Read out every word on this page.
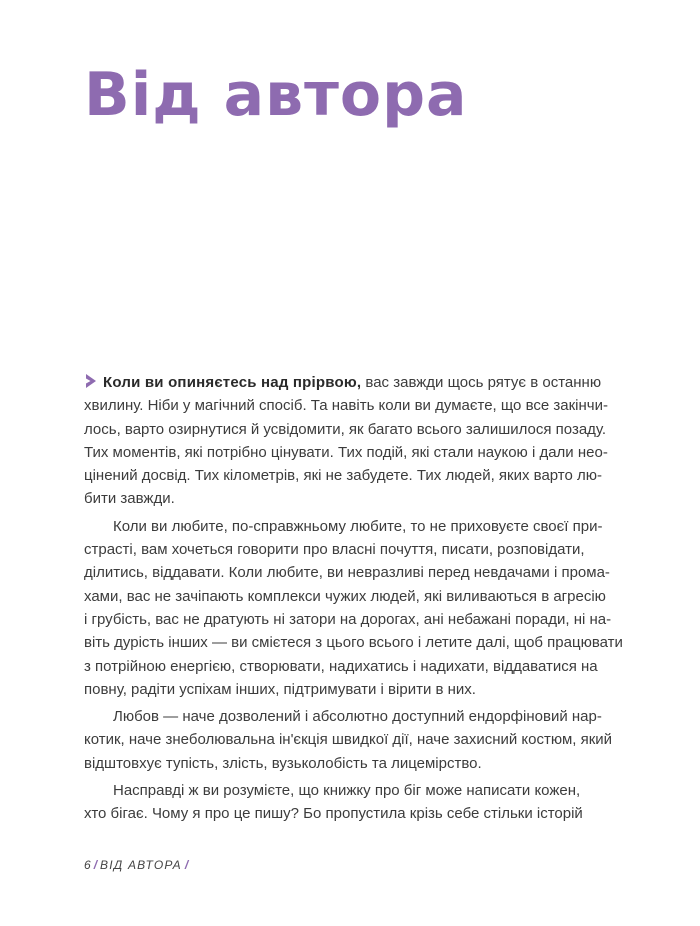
Від автора
Коли ви опиняєтесь над прірвою, вас завжди щось рятує в останню
хвилину. Ніби у магічний спосіб. Та навіть коли ви думаєте, що все закінчи-
лось, варто озирнутися й усвідомити, як багато всього залишилося позаду.
Тих моментів, які потрібно цінувати. Тих подій, які стали наукою і дали нео-
цінений досвід. Тих кілометрів, які не забудете. Тих людей, яких варто лю-
бити завжди.
Коли ви любите, по-справжньому любите, то не приховуєте своєї при-
страсті, вам хочеться говорити про власні почуття, писати, розповідати,
ділитись, віддавати. Коли любите, ви невразливі перед невдачами і прома-
хами, вас не зачіпають комплекси чужих людей, які виливаються в агресію
і грубість, вас не дратують ні затори на дорогах, ані небажані поради, ні на-
віть дурість інших — ви смієтеся з цього всього і летите далі, щоб працювати
з потрійною енергією, створювати, надихатись і надихати, віддаватися на
повну, радіти успіхам інших, підтримувати і вірити в них.
Любов — наче дозволений і абсолютно доступний ендорфіновий нар-
котик, наче знеболювальна ін'єкція швидкої дії, наче захисний костюм, який
відштовхує тупість, злість, вузьколобість та лицемірство.
Насправді ж ви розумієте, що книжку про біг може написати кожен,
хто бігає. Чому я про це пишу? Бо пропустила крізь себе стільки історій
6 / ВІД АВТОРА /
